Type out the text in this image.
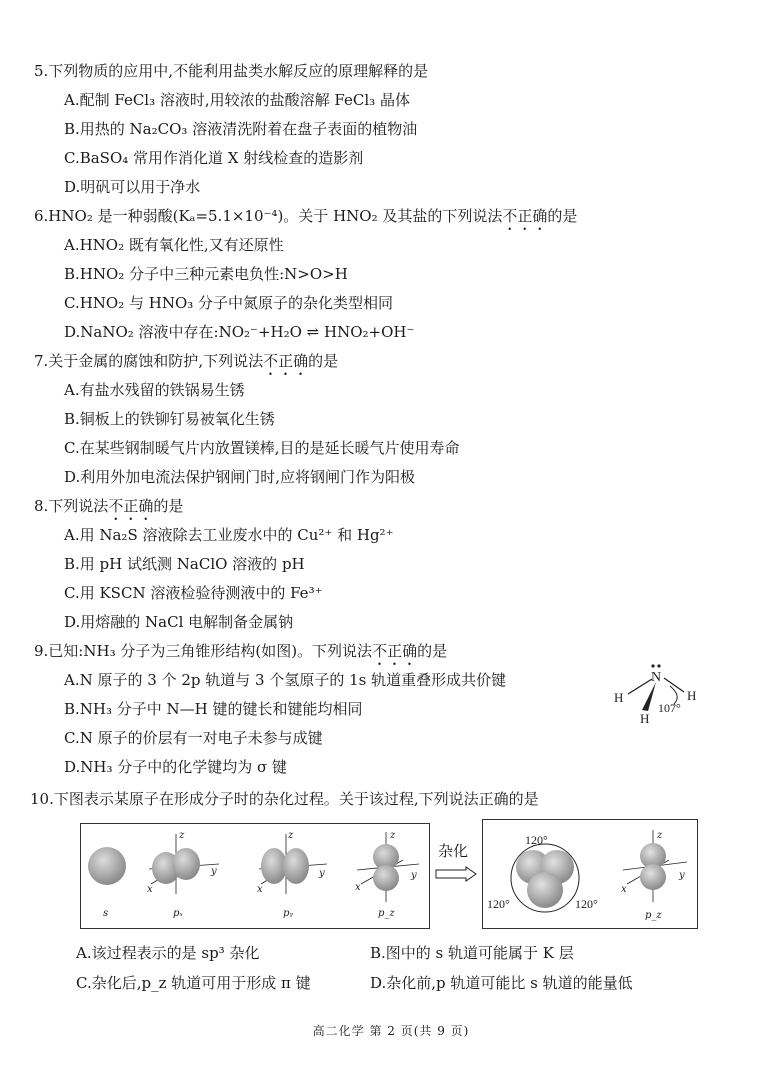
5.下列物质的应用中,不能利用盐类水解反应的原理解释的是
A.配制 FeCl₃ 溶液时,用较浓的盐酸溶解 FeCl₃ 晶体
B.用热的 Na₂CO₃ 溶液清洗附着在盘子表面的植物油
C.BaSO₄ 常用作消化道 X 射线检查的造影剂
D.明矾可以用于净水
6.HNO₂ 是一种弱酸(Kₐ=5.1×10⁻⁴)。关于 HNO₂ 及其盐的下列说法不正确的是
A.HNO₂ 既有氧化性,又有还原性
B.HNO₂ 分子中三种元素电负性:N>O>H
C.HNO₂ 与 HNO₃ 分子中氮原子的杂化类型相同
D.NaNO₂ 溶液中存在:NO₂⁻+H₂O ⇌ HNO₂+OH⁻
7.关于金属的腐蚀和防护,下列说法不正确的是
A.有盐水残留的铁锅易生锈
B.铜板上的铁铆钉易被氧化生锈
C.在某些钢制暖气片内放置镁棒,目的是延长暖气片使用寿命
D.利用外加电流法保护钢闸门时,应将钢闸门作为阳极
8.下列说法不正确的是
A.用 Na₂S 溶液除去工业废水中的 Cu²⁺ 和 Hg²⁺
B.用 pH 试纸测 NaClO 溶液的 pH
C.用 KSCN 溶液检验待测液中的 Fe³⁺
D.用熔融的 NaCl 电解制备金属钠
9.已知:NH₃ 分子为三角锥形结构(如图)。下列说法不正确的是
A.N 原子的 3 个 2p 轨道与 3 个氢原子的 1s 轨道重叠形成共价键
B.NH₃ 分子中 N—H 键的键长和键能均相同
C.N 原子的价层有一对电子未参与成键
D.NH₃ 分子中的化学键均为 σ 键
N
H	H
H
107°
10.下图表示某原子在形成分子时的杂化过程。关于该过程,下列说法正确的是
s
z
x
y
pₓ
z
x
y
pᵧ
z
x
y
p_z
杂化
120°
120°	120°
z
x
y
p_z
A.该过程表示的是 sp³ 杂化	B.图中的 s 轨道可能属于 K 层
C.杂化后,p_z 轨道可用于形成 π 键	D.杂化前,p 轨道可能比 s 轨道的能量低
高二化学 第 2 页(共 9 页)
